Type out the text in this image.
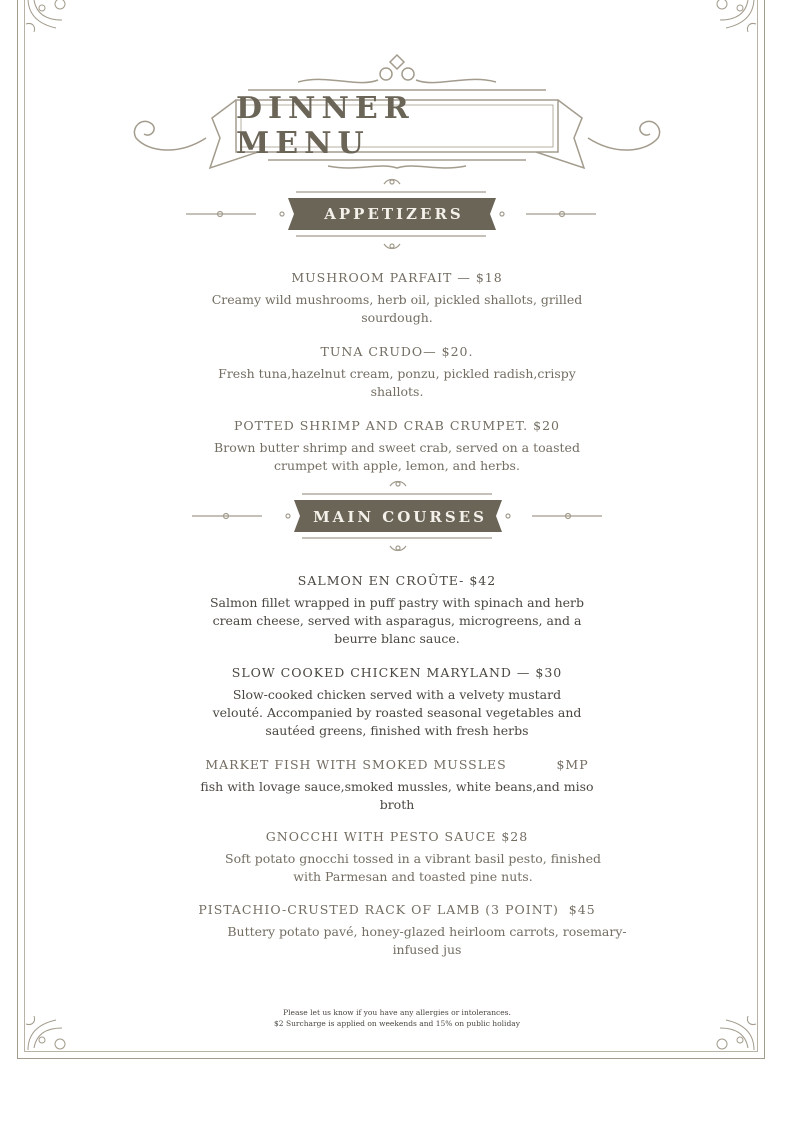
DINNER MENU
APPETIZERS
MUSHROOM PARFAIT — $18
Creamy wild mushrooms, herb oil, pickled shallots, grilled sourdough.
TUNA CRUDO— $20.
Fresh tuna,hazelnut cream, ponzu, pickled radish,crispy shallots.
POTTED SHRIMP AND CRAB CRUMPET. $20
Brown butter shrimp and sweet crab, served on a toasted crumpet with apple, lemon, and herbs.
MAIN COURSES
SALMON EN CROÛTE- $42
Salmon fillet wrapped in puff pastry with spinach and herb cream cheese, served with asparagus, microgreens, and a beurre blanc sauce.
SLOW COOKED CHICKEN MARYLAND — $30
Slow-cooked chicken served with a velvety mustard velouté. Accompanied by roasted seasonal vegetables and sautéed greens, finished with fresh herbs
MARKET FISH WITH SMOKED MUSSLES          $MP
fish with lovage sauce,smoked mussles, white beans,and miso broth
GNOCCHI WITH PESTO SAUCE $28
Soft potato gnocchi tossed in a vibrant basil pesto, finished with Parmesan and toasted pine nuts.
PISTACHIO-CRUSTED RACK OF LAMB (3 POINT)  $45
Buttery potato pavé, honey-glazed heirloom carrots, rosemary-infused jus
Please let us know if you have any allergies or intolerances.
$2 Surcharge is applied on weekends and 15% on public holiday
